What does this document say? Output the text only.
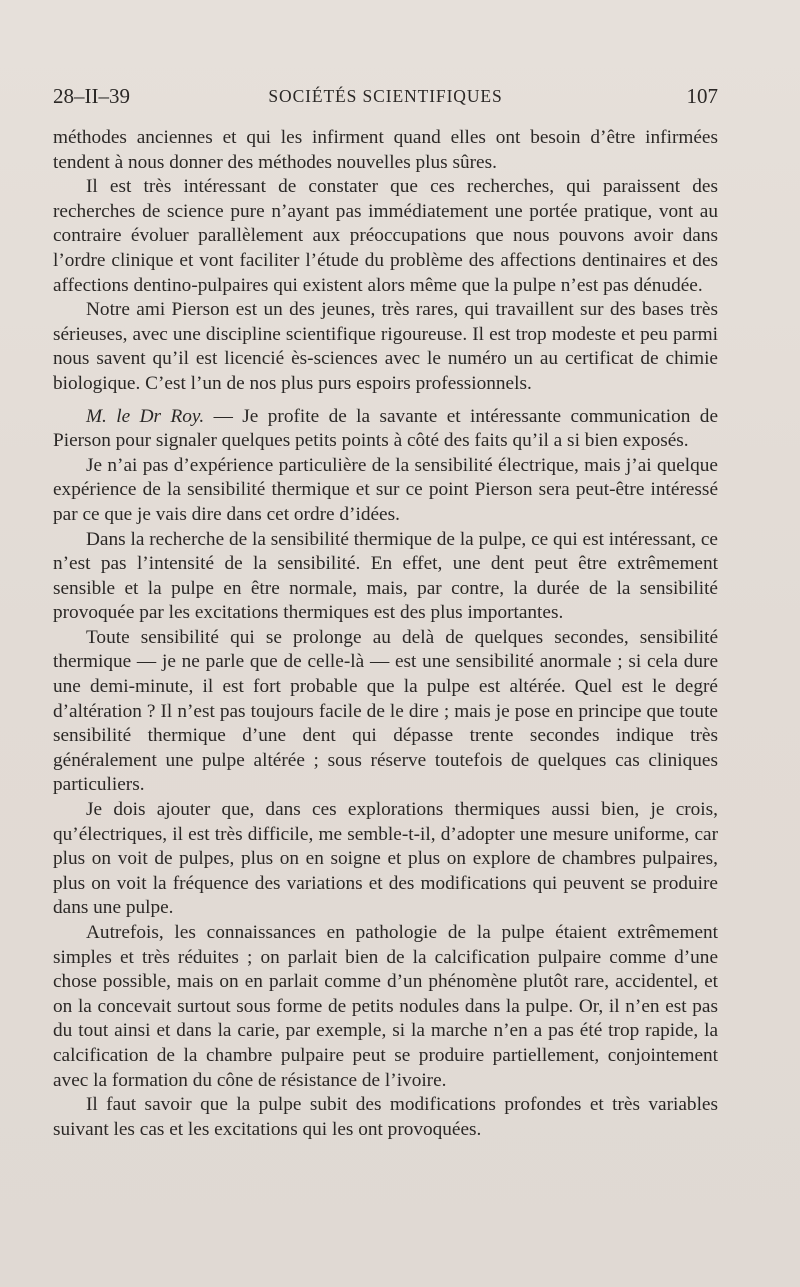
28–II–39	SOCIÉTÉS SCIENTIFIQUES	107

méthodes anciennes et qui les infirment quand elles ont besoin d’être infirmées tendent à nous donner des méthodes nouvelles plus sûres.

Il est très intéressant de constater que ces recherches, qui paraissent des recherches de science pure n’ayant pas immédiatement une portée pratique, vont au contraire évoluer parallèlement aux préoccupations que nous pouvons avoir dans l’ordre clinique et vont faciliter l’étude du problème des affections dentinaires et des affections dentino-pulpaires qui existent alors même que la pulpe n’est pas dénudée.

Notre ami Pierson est un des jeunes, très rares, qui travaillent sur des bases très sérieuses, avec une discipline scientifique rigoureuse. Il est trop modeste et peu parmi nous savent qu’il est licencié ès-sciences avec le numéro un au certificat de chimie biologique. C’est l’un de nos plus purs espoirs professionnels.

M. le Dr Roy. — Je profite de la savante et intéressante communication de Pierson pour signaler quelques petits points à côté des faits qu’il a si bien exposés.

Je n’ai pas d’expérience particulière de la sensibilité électrique, mais j’ai quelque expérience de la sensibilité thermique et sur ce point Pierson sera peut-être intéressé par ce que je vais dire dans cet ordre d’idées.

Dans la recherche de la sensibilité thermique de la pulpe, ce qui est intéressant, ce n’est pas l’intensité de la sensibilité. En effet, une dent peut être extrêmement sensible et la pulpe en être normale, mais, par contre, la durée de la sensibilité provoquée par les excitations thermiques est des plus importantes.

Toute sensibilité qui se prolonge au delà de quelques secondes, sensibilité thermique — je ne parle que de celle-là — est une sensibilité anormale ; si cela dure une demi-minute, il est fort probable que la pulpe est altérée. Quel est le degré d’altération ? Il n’est pas toujours facile de le dire ; mais je pose en principe que toute sensibilité thermique d’une dent qui dépasse trente secondes indique très généralement une pulpe altérée ; sous réserve toutefois de quelques cas cliniques particuliers.

Je dois ajouter que, dans ces explorations thermiques aussi bien, je crois, qu’électriques, il est très difficile, me semble-t-il, d’adopter une mesure uniforme, car plus on voit de pulpes, plus on en soigne et plus on explore de chambres pulpaires, plus on voit la fréquence des variations et des modifications qui peuvent se produire dans une pulpe.

Autrefois, les connaissances en pathologie de la pulpe étaient extrêmement simples et très réduites ; on parlait bien de la calcification pulpaire comme d’une chose possible, mais on en parlait comme d’un phénomène plutôt rare, accidentel, et on la concevait surtout sous forme de petits nodules dans la pulpe. Or, il n’en est pas du tout ainsi et dans la carie, par exemple, si la marche n’en a pas été trop rapide, la calcification de la chambre pulpaire peut se produire partiellement, conjointement avec la formation du cône de résistance de l’ivoire.

Il faut savoir que la pulpe subit des modifications profondes et très variables suivant les cas et les excitations qui les ont provoquées.
